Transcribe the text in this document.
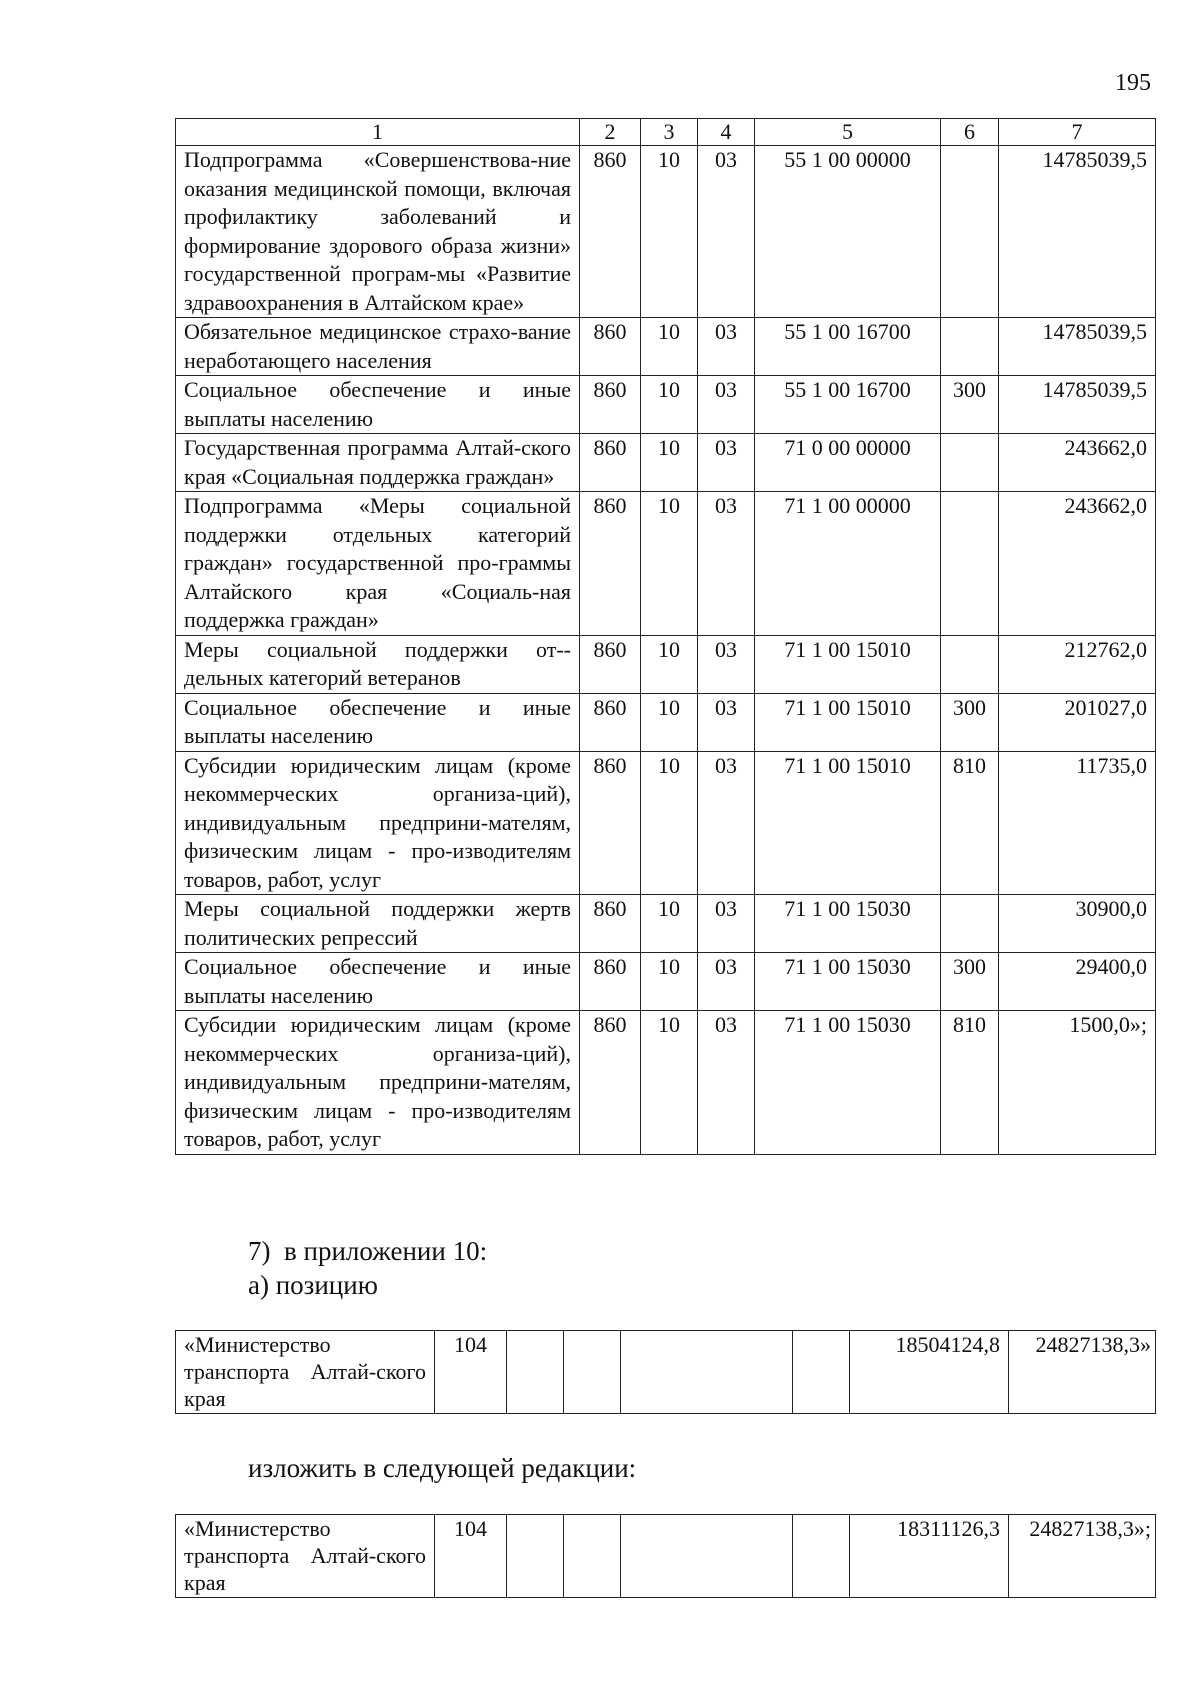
195
1	2	3	4	5	6	7
Подпрограмма «Совершенствова-ние оказания медицинской помощи, включая профилактику заболеваний и формирование здорового образа жизни» государственной програм-мы «Развитие здравоохранения в Алтайском крае»	860	10	03	55 1 00 00000		14785039,5
Обязательное медицинское страхо-вание неработающего населения	860	10	03	55 1 00 16700		14785039,5
Социальное обеспечение и иные выплаты населению	860	10	03	55 1 00 16700	300	14785039,5
Государственная программа Алтай-ского края «Социальная поддержка граждан»	860	10	03	71 0 00 00000		243662,0
Подпрограмма «Меры социальной поддержки отдельных категорий граждан» государственной про-граммы Алтайского края «Социаль-ная поддержка граждан»	860	10	03	71 1 00 00000		243662,0
Меры социальной поддержки от-дельных категорий ветеранов	860	10	03	71 1 00 15010		212762,0
Социальное обеспечение и иные выплаты населению	860	10	03	71 1 00 15010	300	201027,0
Субсидии юридическим лицам (кроме некоммерческих организа-ций), индивидуальным предприни-мателям, физическим лицам - про-изводителям товаров, работ, услуг	860	10	03	71 1 00 15010	810	11735,0
Меры социальной поддержки жертв политических репрессий	860	10	03	71 1 00 15030		30900,0
Социальное обеспечение и иные выплаты населению	860	10	03	71 1 00 15030	300	29400,0
Субсидии юридическим лицам (кроме некоммерческих организа-ций), индивидуальным предприни-мателям, физическим лицам - про-изводителям товаров, работ, услуг	860	10	03	71 1 00 15030	810	1500,0»;
7) в приложении 10:
а) позицию
«Министерство транспорта Алтай-ского края	104					18504124,8	24827138,3»
изложить в следующей редакции:
«Министерство транспорта Алтай-ского края	104					18311126,3	24827138,3»;
